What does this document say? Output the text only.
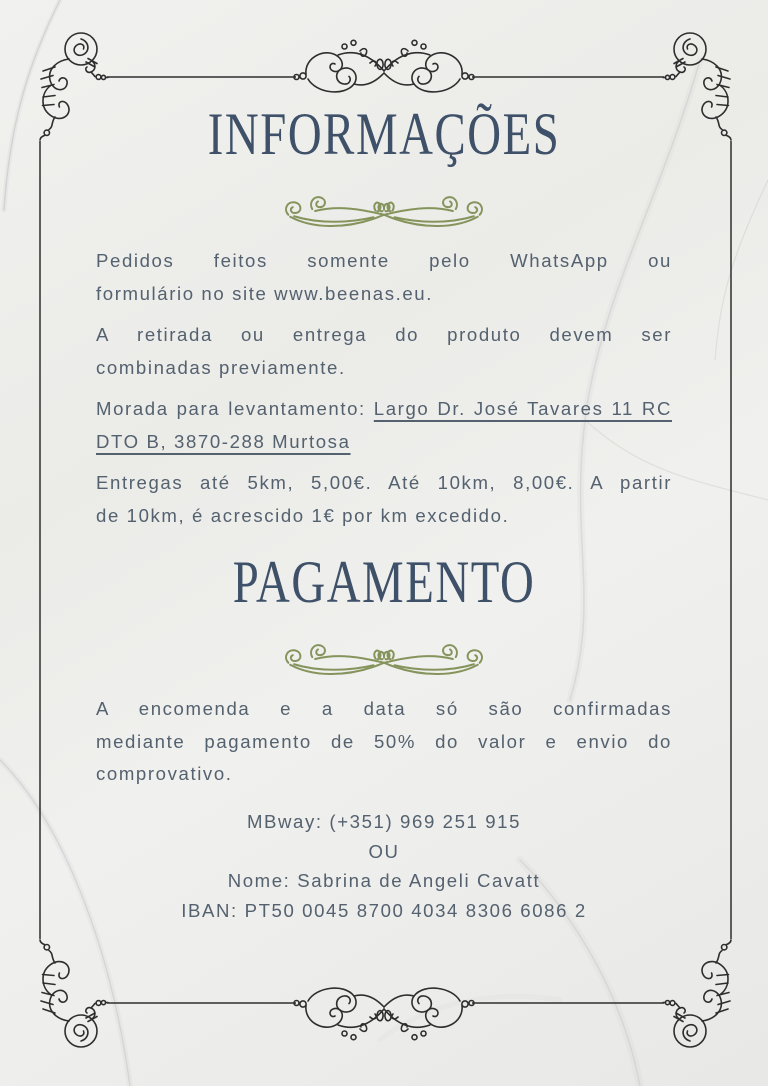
INFORMAÇÕES

Pedidos feitos somente pelo WhatsApp ou
formulário no site www.beenas.eu.

A retirada ou entrega do produto devem ser
combinadas previamente.

Morada para levantamento: Largo Dr. José Tavares 11 RC DTO B, 3870-288 Murtosa

Entregas até 5km, 5,00€. Até 10km, 8,00€. A partir
de 10km, é acrescido 1€ por km excedido.

PAGAMENTO

A encomenda e a data só são confirmadas
mediante pagamento de 50% do valor e envio do
comprovativo.

MBway: (+351) 969 251 915
OU
Nome: Sabrina de Angeli Cavatt
IBAN: PT50 0045 8700 4034 8306 6086 2
